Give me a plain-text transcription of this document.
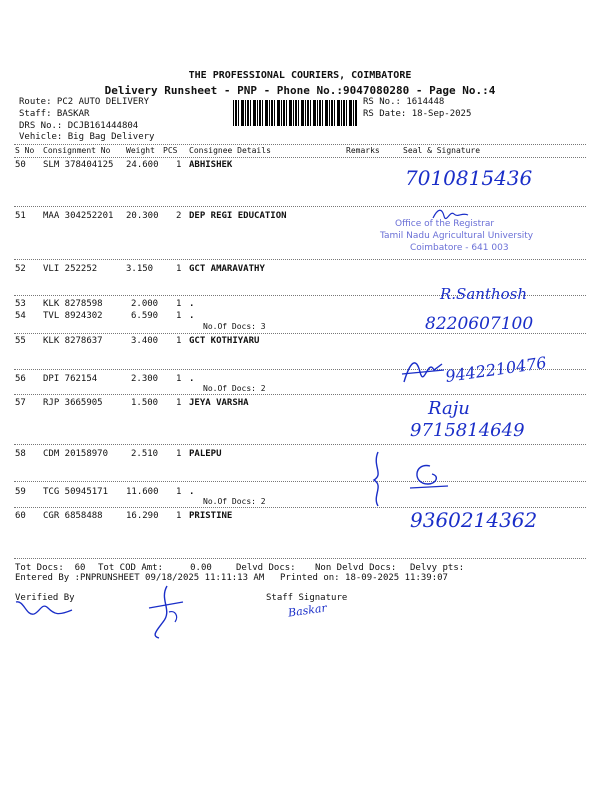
THE PROFESSIONAL COURIERS, COIMBATORE
Delivery Runsheet - PNP - Phone No.:9047080280 - Page No.:4
Route: PC2 AUTO DELIVERY
Staff: BASKAR
DRS No.: DCJB161444804
Vehicle: Big Bag Delivery
RS No.: 1614448
RS Date: 18-Sep-2025
S No Consignment No Weight PCS Consignee Details	Remarks	Seal & Signature
50 SLM 378404125 24.600 1 ABHISHEK
51 MAA 304252201 20.300 2 DEP REGI EDUCATION
52 VLI 252252	3.150	1 GCT AMARAVATHY
53 KLK 8278598	2.000 1 .
54 TVL 8924302	6.590 1 .
No.Of Docs: 3
55 KLK 8278637	3.400 1 GCT KOTHIYARU
56 DPI 762154	2.300 1 .
No.Of Docs: 2
57 RJP 3665905	1.500 1 JEYA VARSHA
58 CDM 20158970	2.510 1 PALEPU
59 TCG 50945171 11.600 1 .
No.Of Docs: 2
60 CGR 6858488	16.290 1 PRISTINE
7010815436
Office of the Registrar
Tamil Nadu Agricultural University
Coimbatore - 641 003
R.Santhosh
8220607100
9442210476
Raju
9715814649
9360214362
Tot Docs:  60 Tot COD Amt:     0.00	Delvd Docs: Non Delvd Docs: Delvy pts:
Entered By :PNPRUNSHEET 09/18/2025 11:11:13 AM Printed on: 18-09-2025 11:39:07
Verified By	Staff Signature
Baskar
